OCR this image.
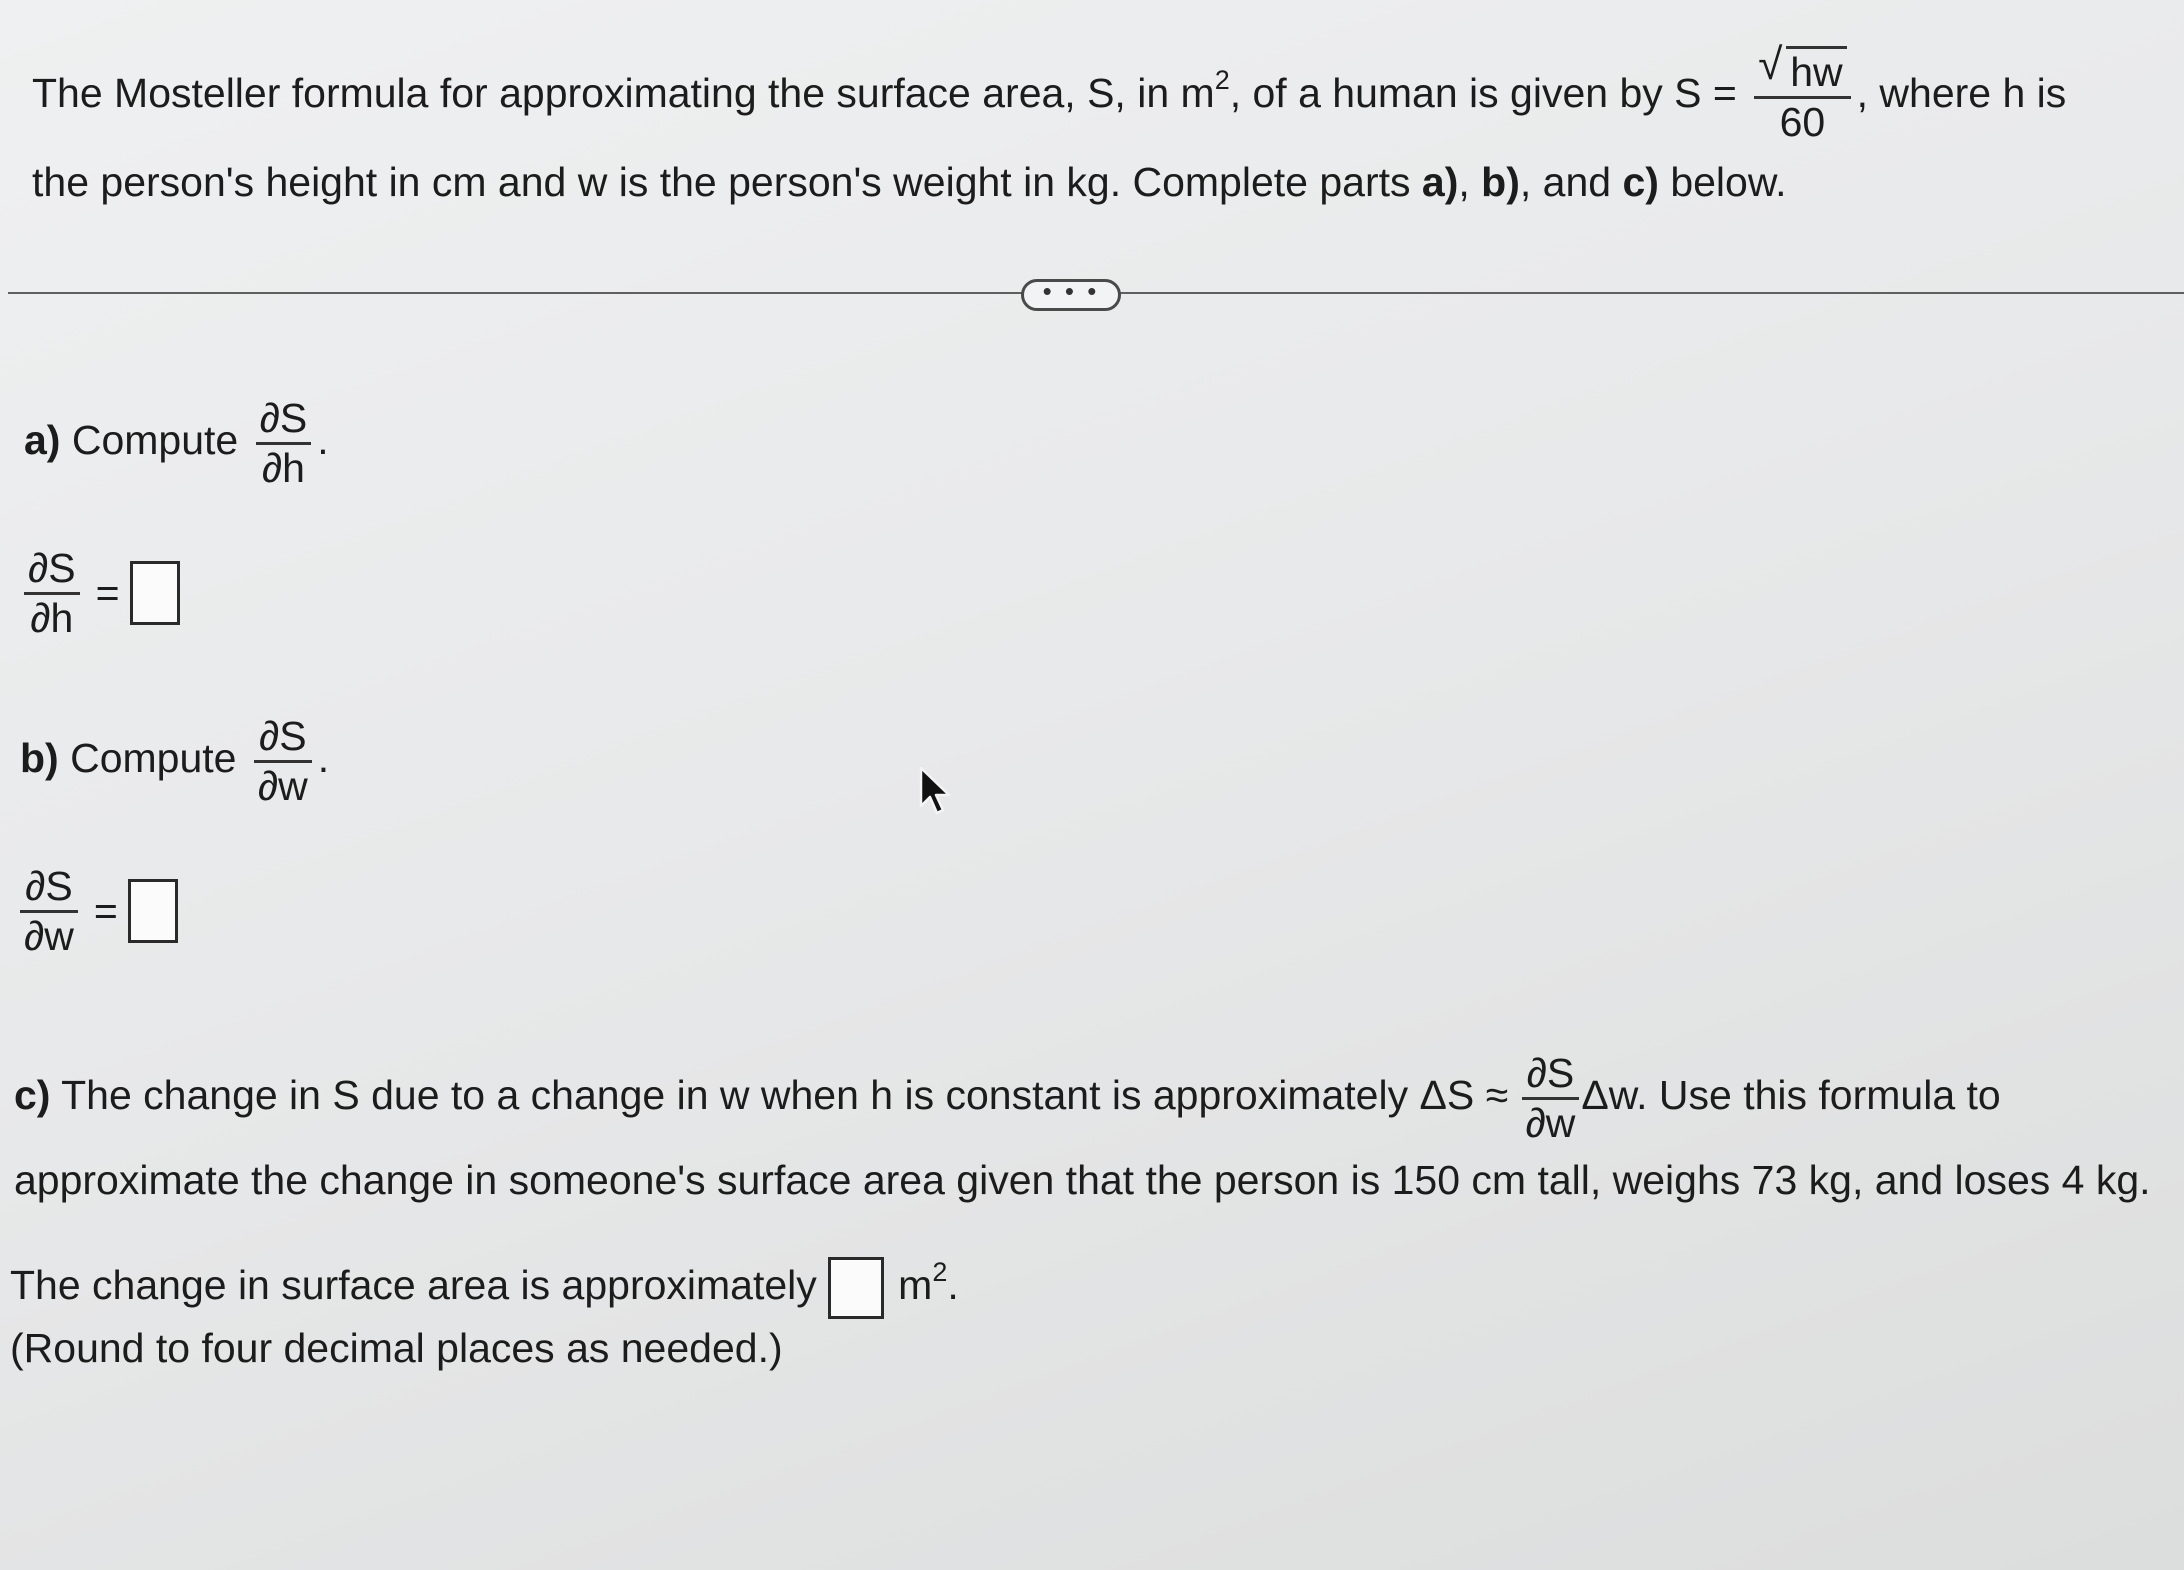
The Mosteller formula for approximating the surface area, S, in $m^2$, of a human is given by $S = \frac{√ hw}{60}$ , where h is
the person's height in cm and w is the person's weight in kg. Complete parts a), b), and c) below.
• • •
a) Compute $\frac{\partial S}{\partial h}$ .
$\frac{\partial S}{\partial h}$ =
b) Compute $\frac{\partial S}{\partial w}$ .
$\frac{\partial S}{\partial w}$ =
c) The change in S due to a change in w when h is constant is approximately $\Delta S \approx \frac{\partial S}{\partial w} \Delta w$. Use this formula to
approximate the change in someone's surface area given that the person is 150 cm tall, weighs 73 kg, and loses 4 kg.
The change in surface area is approximately $m^2$.
(Round to four decimal places as needed.)
